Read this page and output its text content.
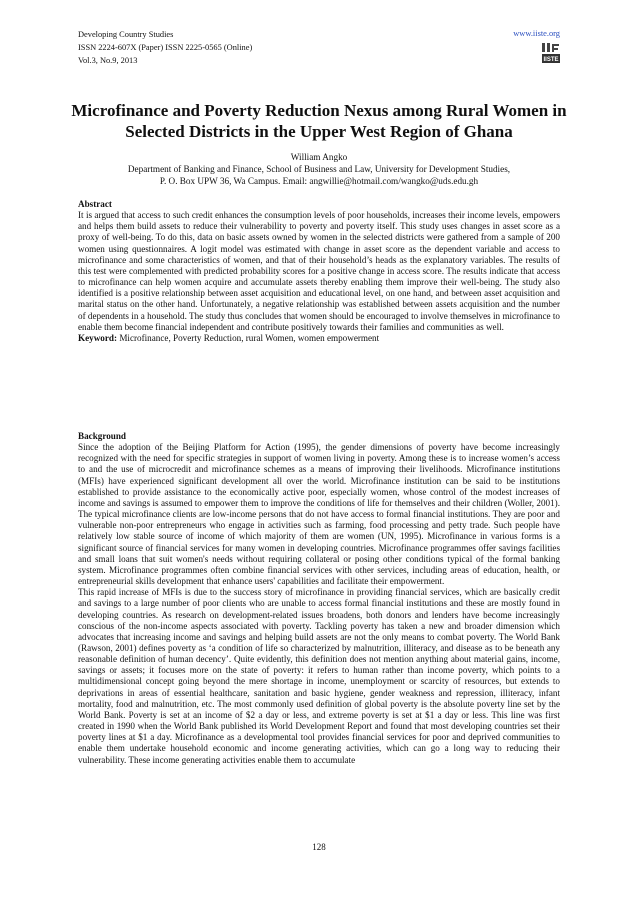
Developing Country Studies
ISSN 2224-607X (Paper) ISSN 2225-0565 (Online)
Vol.3, No.9, 2013
www.iiste.org
IISTE
Microfinance and Poverty Reduction Nexus among Rural Women in Selected Districts in the Upper West Region of Ghana
William Angko
Department of Banking and Finance, School of Business and Law, University for Development Studies,
P. O. Box UPW 36, Wa Campus. Email: angwillie@hotmail.com/wangko@uds.edu.gh

Abstract

It is argued that access to such credit enhances the consumption levels of poor households, increases their income levels, empowers and helps them build assets to reduce their vulnerability to poverty and poverty itself. This study uses changes in asset score as a proxy of well-being. To do this, data on basic assets owned by women in the selected districts were gathered from a sample of 200 women using questionnaires. A logit model was estimated with change in asset score as the dependent variable and access to microfinance and some characteristics of women, and that of their household’s heads as the explanatory variables. The results of this test were complemented with predicted probability scores for a positive change in access score. The results indicate that access to microfinance can help women acquire and accumulate assets thereby enabling them improve their well-being. The study also identified is a positive relationship between asset acquisition and educational level, on one hand, and between asset acquisition and marital status on the other hand. Unfortunately, a negative relationship was established between assets acquisition and the number of dependents in a household. The study thus concludes that women should be encouraged to involve themselves in microfinance to enable them become financial independent and contribute positively towards their families and communities as well.

Keyword: Microfinance, Poverty Reduction, rural Women, women empowerment

Background

Since the adoption of the Beijing Platform for Action (1995), the gender dimensions of poverty have become increasingly recognized with the need for specific strategies in support of women living in poverty. Among these is to increase women’s access to and the use of microcredit and microfinance schemes as a means of improving their livelihoods. Microfinance institutions (MFIs) have experienced significant development all over the world. Microfinance institution can be said to be institutions established to provide assistance to the economically active poor, especially women, whose control of the modest increases of income and savings is assumed to empower them to improve the conditions of life for themselves and their children (Woller, 2001). The typical microfinance clients are low-income persons that do not have access to formal financial institutions. They are poor and vulnerable non-poor entrepreneurs who engage in activities such as farming, food processing and petty trade. Such people have relatively low stable source of income of which majority of them are women (UN, 1995). Microfinance in various forms is a significant source of financial services for many women in developing countries. Microfinance programmes offer savings facilities and small loans that suit women's needs without requiring collateral or posing other conditions typical of the formal banking system. Microfinance programmes often combine financial services with other services, including areas of education, health, or entrepreneurial skills development that enhance users' capabilities and facilitate their empowerment.

This rapid increase of MFIs is due to the success story of microfinance in providing financial services, which are basically credit and savings to a large number of poor clients who are unable to access formal financial institutions and these are mostly found in developing countries. As research on development-related issues broadens, both donors and lenders have become increasingly conscious of the non-income aspects associated with poverty. Tackling poverty has taken a new and broader dimension which advocates that increasing income and savings and helping build assets are not the only means to combat poverty. The World Bank (Rawson, 2001) defines poverty as ‘a condition of life so characterized by malnutrition, illiteracy, and disease as to be beneath any reasonable definition of human decency’. Quite evidently, this definition does not mention anything about material gains, income, savings or assets; it focuses more on the state of poverty: it refers to human rather than income poverty, which points to a multidimensional concept going beyond the mere shortage in income, unemployment or scarcity of resources, but extends to deprivations in areas of essential healthcare, sanitation and basic hygiene, gender weakness and repression, illiteracy, infant mortality, food and malnutrition, etc. The most commonly used definition of global poverty is the absolute poverty line set by the World Bank. Poverty is set at an income of $2 a day or less, and extreme poverty is set at $1 a day or less. This line was first created in 1990 when the World Bank published its World Development Report and found that most developing countries set their poverty lines at $1 a day. Microfinance as a developmental tool provides financial services for poor and deprived communities to enable them undertake household economic and income generating activities, which can go a long way to reducing their vulnerability. These income generating activities enable them to accumulate

128
